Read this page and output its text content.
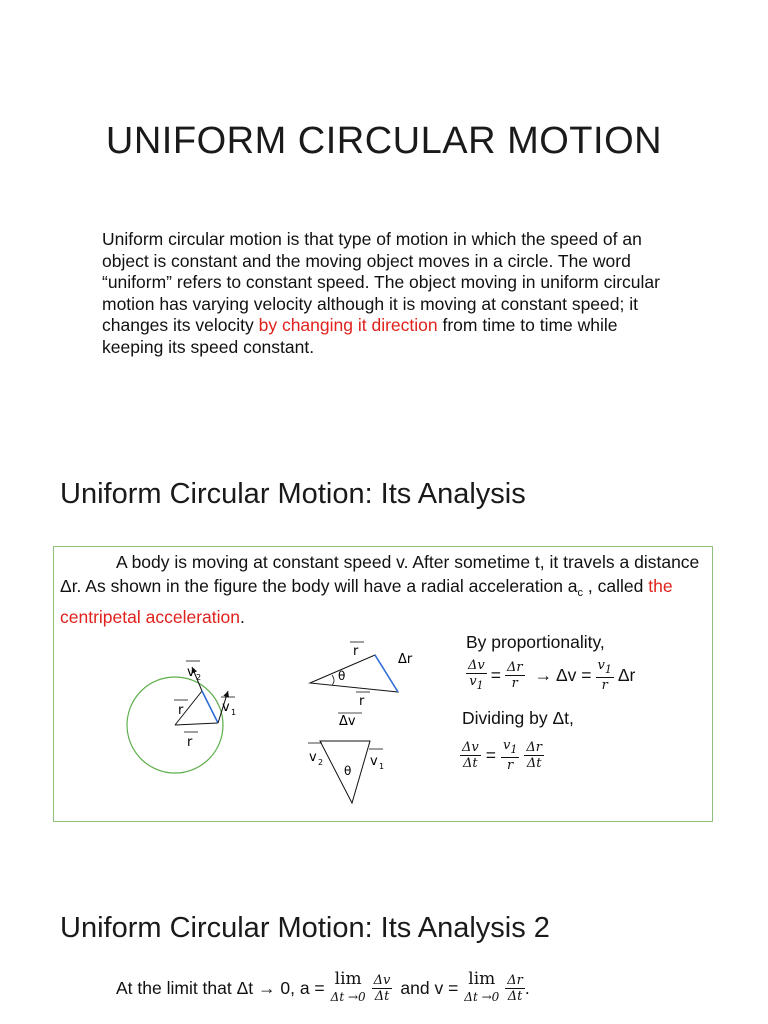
UNIFORM CIRCULAR MOTION
Uniform circular motion is that type of motion in which the speed of an object is constant and the moving object moves in a circle. The word “uniform” refers to constant speed. The object moving in uniform circular motion has varying velocity although it is moving at constant speed; it changes its velocity by changing it direction from time to time while keeping its speed constant.
Uniform Circular Motion: Its Analysis
A body is moving at constant speed v. After sometime t, it travels a distance Δr. As shown in the figure the body will have a radial acceleration $a_c$ , called the centripetal acceleration.
v 2
v 1
r
r
θ
r
Δr
r
Δv
v 2	v 1
θ
By proportionality,
$\frac{\Delta v}{v_1} = \frac{\Delta r}{r} \to \Delta v = \frac{v_1}{r}$ Δr
Dividing by Δt,
$\frac{\Delta v}{\Delta t} = \frac{v_1}{r} \frac{\Delta r}{\Delta t}$
Uniform Circular Motion: Its Analysis 2
At the limit that Δt → 0, a = lim
$\Delta t \to 0 \frac{\Delta v}{\Delta t}$ and v = lim
$\Delta t \to 0 \frac{\Delta r}{\Delta t}$ .
